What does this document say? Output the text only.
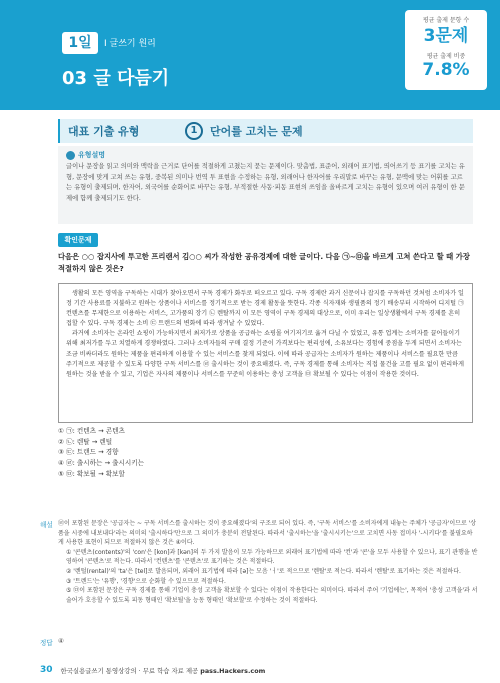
1일	Ⅰ 글쓰기 원리
03 글 다듬기
평균 출제 문항 수
3문제
평균 출제 비중
7.8%
대표 기출 유형	1	단어를 고치는 문제
유형설명
글이나 문장을 읽고 의미와 맥락을 근거로 단어를 적절하게 고쳤는지 묻는 문제이다. 맞춤법, 표준어, 외래어 표기법, 띄어쓰기 등 표기를 고치는 유형, 문장에 맞게 고쳐 쓰는 유형, 중복된 의미나 번역 투 표현을 수정하는 유형, 외래어나 한자어를 우리말로 바꾸는 유형, 문맥에 맞는 어휘를 고르는 유형이 출제되며, 한자어, 외국어를 순화어로 바꾸는 유형, 부적절한 사동·피동 표현의 쓰임을 올바르게 고치는 유형이 있으며 여러 유형이 한 문제에 함께 출제되기도 한다.
확인문제
다음은 ○○ 잡지사에 투고한 프리랜서 김○○ 씨가 작성한 공유경제에 대한 글이다. 다음 ㉠~㉤을 바르게 고쳐 쓴다고 할 때 가장 적절하지 않은 것은?

생활의 모든 영역을 구독하는 시대가 찾아오면서 구독 경제가 화두로 떠오르고 있다. 구독 경제란 과거 신문이나 잡지를 구독하던 것처럼 소비자가 일정 기간 사용료를 지불하고 원하는 상품이나 서비스를 정기적으로 받는 경제 활동을 뜻한다. 각종 식자재와 생필품의 정기 배송부터 시작하여 디지털 ㉠ 컨텐츠를 무제한으로 이용하는 서비스, 고가품의 장기 ㉡ 렌탈까지 이 모든 영역이 구독 경제의 대상으로, 이미 우리는 일상생활에서 구독 경제를 흔히 접할 수 있다. 구독 경제는 소비 ㉢ 트랜드의 변화에 따라 생겨날 수 있었다.

과거에 소비자는 온라인 쇼핑이 가능하지면서 최저가로 상품을 공급하는 쇼핑몰 여기저기로 옮겨 다닐 수 있었고, 유통 업계는 소비자를 끌어들이기 위해 최저가를 두고 치열하게 경쟁하였다. 그러나 소비자들의 구매 결정 기준이 가격보다는 편리성에, 소유보다는 경험에 중점을 두게 되면서 소비자는 조금 비싸더라도 원하는 제품을 편리하게 이용할 수 있는 서비스를 찾게 되었다. 이에 따라 공급자는 소비자가 원하는 제품이나 서비스를 필요한 만큼 주기적으로 제공할 수 있도록 다양한 구독 서비스를 ㉣ 출시하는 것이 중요해졌다. 즉, 구독 경제를 통해 소비자는 직접 물건을 고를 필요 없이 편리하게 원하는 것을 받을 수 있고, 기업은 자사의 제품이나 서비스를 꾸준히 이용하는 충성 고객을 ㉤ 확보될 수 있다는 이점이 작용한 것이다.

① ㉠: 컨텐츠 → 콘텐츠
② ㉡: 렌탈 → 렌털
③ ㉢: 트랜드 → 경향
④ ㉣: 출시하는 → 출시시키는
⑤ ㉤: 확보될 → 확보할
해설 ㉣이 포함된 문장은 '공급자는 ~ 구독 서비스를 출시하는 것이 중요해졌다'의 구조로 되어 있다. 즉, '구독 서비스'를 소비자에게 내놓는 주체가 '공급자'이므로 '상품을 시중에 내보내다'라는 의미의 '출시하다'만으로 그 의미가 충분히 전달된다. 따라서 '출시하는'을 '출시시키는'으로 고치면 사동 접미사 '-시키다'를 불필요하게 사용한 표현이 되므로 적절하지 않은 것은 ④이다.
① '콘텐츠(contents)'의 'con'은 [kon]과 [kən]의 두 가지 발음이 모두 가능하므로 외래어 표기법에 따라 '컨'과 '콘'을 모두 사용할 수 있으나, 표기 관행을 반영하여 '콘텐츠'로 적는다. 따라서 '컨텐츠'를 '콘텐츠'로 표기하는 것은 적절하다.
② '렌털(rental)'의 'ta'은 [tel]로 발음되며, 외래어 표기법에 따라 [ə]는 모음 'ㅓ'로 적으므로 '렌탈'로 적는다. 따라서 '렌탈'로 표기하는 것은 적절하다.
③ '트렌드'는 '유행', '경향'으로 순화할 수 있으므로 적절하다.
⑤ ㉤이 포함된 문장은 구독 경제를 통해 기업이 충성 고객을 확보할 수 있다는 이점이 작용한다는 의미이다. 따라서 주어 '기업에는', 목적어 '충성 고객을'과 서술어가 호응할 수 있도록 피동 형태인 '확보될'을 능동 형태인 '확보할'로 수정하는 것이 적절하다.
정답 ④
30 한국실용글쓰기 통영상강의 · 무료 학습 자료 제공 pass.Hackers.com
